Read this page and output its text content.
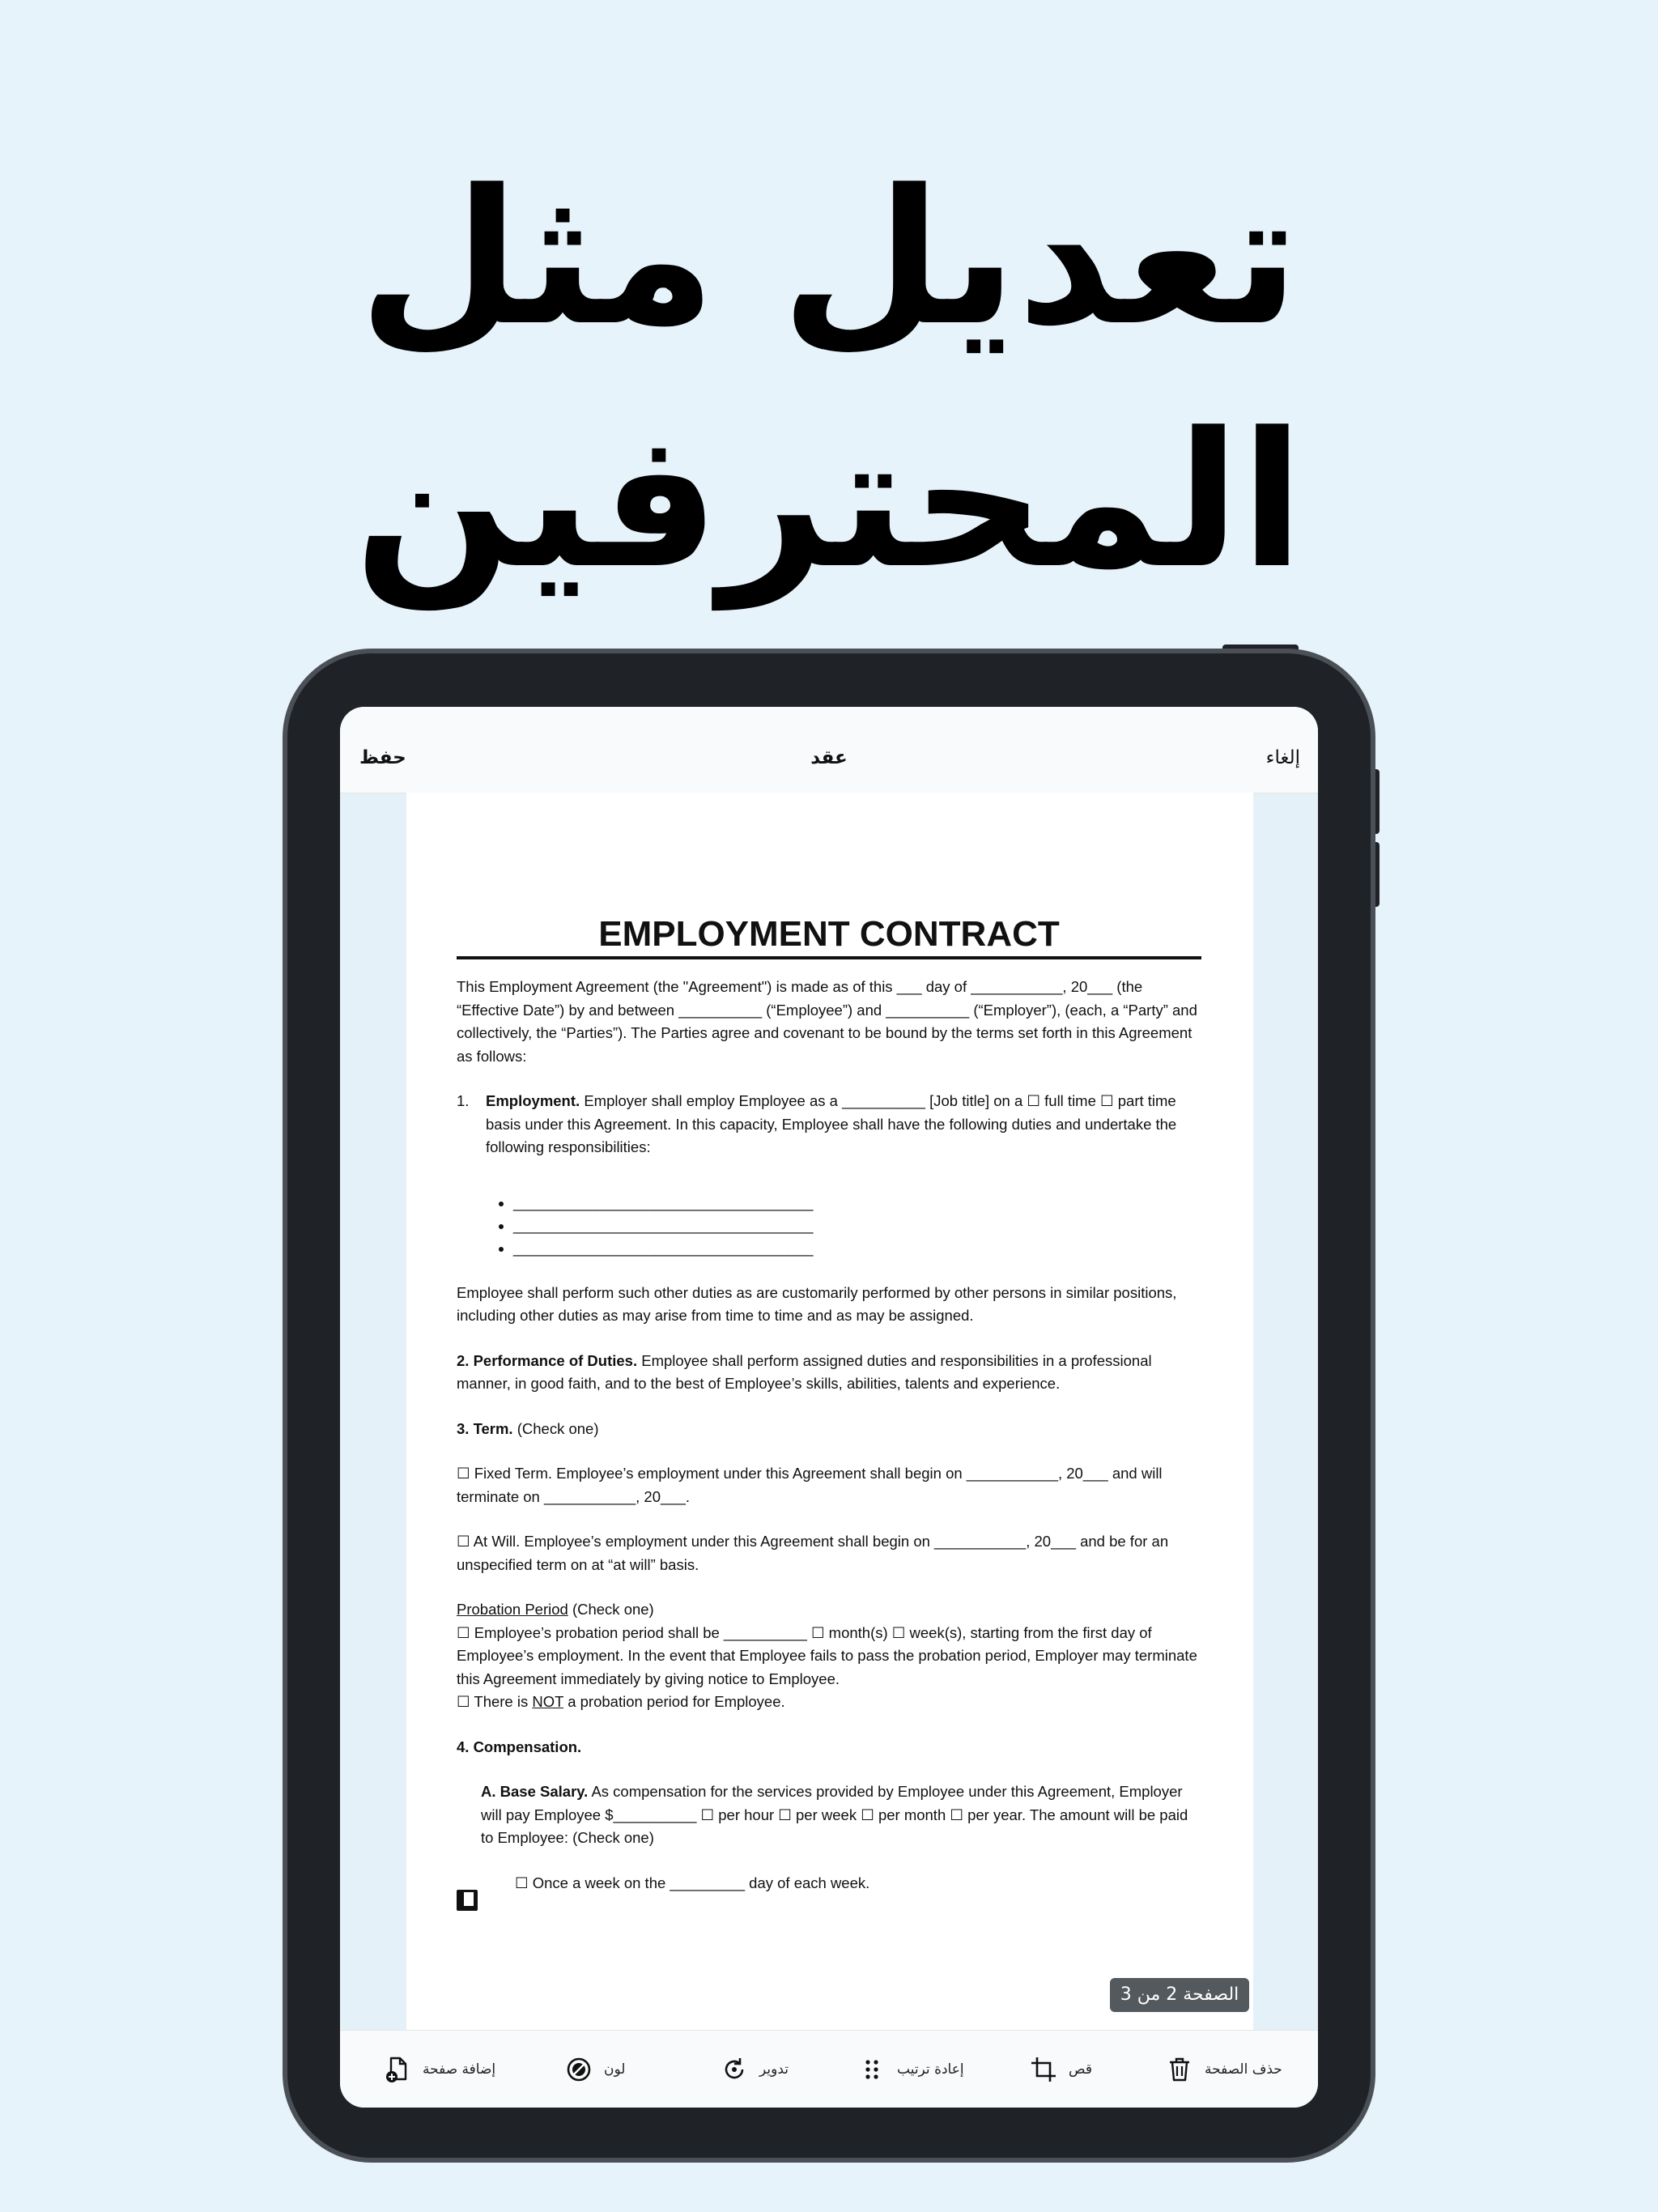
تعديل مثل المحترفين
حفظ	عقد	إلغاء
EMPLOYMENT CONTRACT

This Employment Agreement (the "Agreement") is made as of this ___ day of ___________, 20___ (the “Effective Date”) by and between __________ (“Employee”) and __________ (“Employer”), (each, a “Party” and collectively, the “Parties”). The Parties agree and covenant to be bound by the terms set forth in this Agreement as follows:

1. Employment. Employer shall employ Employee as a __________ [Job title] on a ☐ full time ☐ part time basis under this Agreement. In this capacity, Employee shall have the following duties and undertake the following responsibilities:

• ____________________________________
• ____________________________________
• ____________________________________

Employee shall perform such other duties as are customarily performed by other persons in similar positions, including other duties as may arise from time to time and as may be assigned.

2. Performance of Duties. Employee shall perform assigned duties and responsibilities in a professional manner, in good faith, and to the best of Employee’s skills, abilities, talents and experience.

3. Term. (Check one)

☐ Fixed Term. Employee’s employment under this Agreement shall begin on ___________, 20___ and will terminate on ___________, 20___.

☐ At Will. Employee’s employment under this Agreement shall begin on ___________, 20___ and be for an unspecified term on at “at will” basis.

Probation Period (Check one)
☐ Employee’s probation period shall be __________ ☐ month(s) ☐ week(s), starting from the first day of Employee’s employment. In the event that Employee fails to pass the probation period, Employer may terminate this Agreement immediately by giving notice to Employee.

☐ There is NOT a probation period for Employee.

4. Compensation.

A. Base Salary. As compensation for the services provided by Employee under this Agreement, Employer will pay Employee $__________ ☐ per hour ☐ per week ☐ per month ☐ per year. The amount will be paid to Employee: (Check one)

☐ Once a week on the _________ day of each week.

الصفحة 2 من 3
إضافة صفحة	لون	تدوير	إعادة ترتيب	قص	حذف الصفحة
